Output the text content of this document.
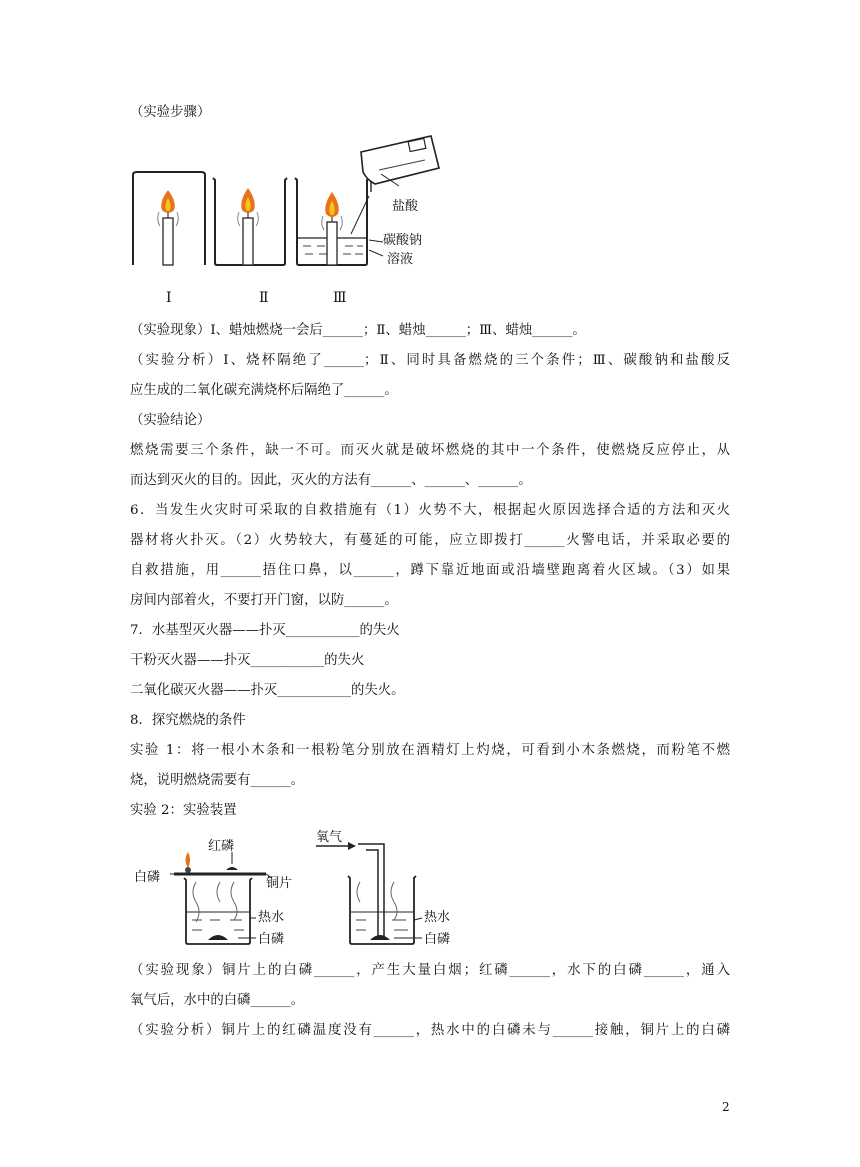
（实验步骤）
盐酸
碳酸钠
溶液
Ⅰ	Ⅱ	Ⅲ
（实验现象）Ⅰ、蜡烛燃烧一会后______；Ⅱ、蜡烛______；Ⅲ、蜡烛______。
（实验分析）Ⅰ、烧杯隔绝了______；Ⅱ、同时具备燃烧的三个条件；Ⅲ、碳酸钠和盐酸反
应生成的二氧化碳充满烧杯后隔绝了______。
（实验结论）
燃烧需要三个条件，缺一不可。而灭火就是破坏燃烧的其中一个条件，使燃烧反应停止，从
而达到灭火的目的。因此，灭火的方法有______、______、______。
6．当发生火灾时可采取的自救措施有（1）火势不大，根据起火原因选择合适的方法和灭火
器材将火扑灭。（2）火势较大，有蔓延的可能，应立即拨打______火警电话，并采取必要的
自救措施，用______捂住口鼻，以______，蹲下靠近地面或沿墙壁跑离着火区域。（3）如果
房间内部着火，不要打开门窗，以防______。
7．水基型灭火器——扑灭___________的失火
干粉灭火器——扑灭___________的失火
二氧化碳灭火器——扑灭___________的失火。
8．探究燃烧的条件
实验 1：将一根小木条和一根粉笔分别放在酒精灯上灼烧，可看到小木条燃烧，而粉笔不燃
烧，说明燃烧需要有______。
实验 2：实验装置
红磷
白磷	铜片
热水
白磷
氧气
热水
白磷
（实验现象）铜片上的白磷______，产生大量白烟；红磷______，水下的白磷______，通入
氧气后，水中的白磷______。
（实验分析）铜片上的红磷温度没有______，热水中的白磷未与______接触，铜片上的白磷
2
